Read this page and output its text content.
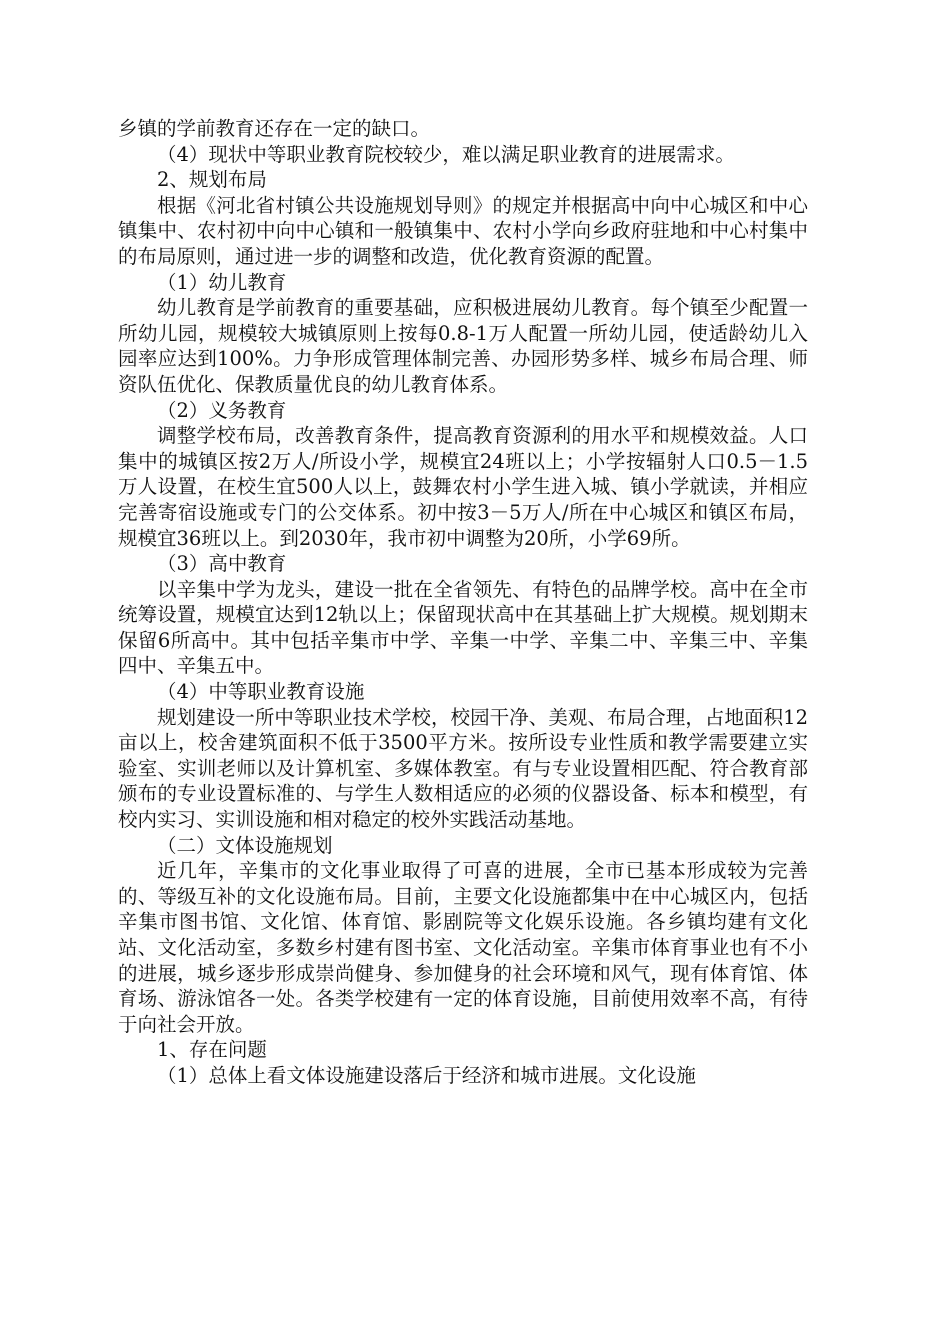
乡镇的学前教育还存在一定的缺口。

（4）现状中等职业教育院校较少，难以满足职业教育的进展需求。

2、规划布局

根据《河北省村镇公共设施规划导则》的规定并根据高中向中心城区和中心镇集中、农村初中向中心镇和一般镇集中、农村小学向乡政府驻地和中心村集中的布局原则，通过进一步的调整和改造，优化教育资源的配置。

（1）幼儿教育

幼儿教育是学前教育的重要基础，应积极进展幼儿教育。每个镇至少配置一所幼儿园，规模较大城镇原则上按每0.8-1万人配置一所幼儿园，使适龄幼儿入园率应达到100%。力争形成管理体制完善、办园形势多样、城乡布局合理、师资队伍优化、保教质量优良的幼儿教育体系。

（2）义务教育

调整学校布局，改善教育条件，提高教育资源利的用水平和规模效益。人口集中的城镇区按2万人/所设小学，规模宜24班以上；小学按辐射人口0.5－1.5万人设置，在校生宜500人以上，鼓舞农村小学生进入城、镇小学就读，并相应完善寄宿设施或专门的公交体系。初中按3－5万人/所在中心城区和镇区布局，规模宜36班以上。到2030年，我市初中调整为20所，小学69所。

（3）高中教育

以辛集中学为龙头，建设一批在全省领先、有特色的品牌学校。高中在全市统筹设置，规模宜达到12轨以上；保留现状高中在其基础上扩大规模。规划期末保留6所高中。其中包括辛集市中学、辛集一中学、辛集二中、辛集三中、辛集四中、辛集五中。

（4）中等职业教育设施

规划建设一所中等职业技术学校，校园干净、美观、布局合理，占地面积12亩以上，校舍建筑面积不低于3500平方米。按所设专业性质和教学需要建立实验室、实训老师以及计算机室、多媒体教室。有与专业设置相匹配、符合教育部颁布的专业设置标准的、与学生人数相适应的必须的仪器设备、标本和模型，有校内实习、实训设施和相对稳定的校外实践活动基地。

（二）文体设施规划

近几年，辛集市的文化事业取得了可喜的进展，全市已基本形成较为完善的、等级互补的文化设施布局。目前，主要文化设施都集中在中心城区内，包括辛集市图书馆、文化馆、体育馆、影剧院等文化娱乐设施。各乡镇均建有文化站、文化活动室，多数乡村建有图书室、文化活动室。辛集市体育事业也有不小的进展，城乡逐步形成崇尚健身、参加健身的社会环境和风气，现有体育馆、体育场、游泳馆各一处。各类学校建有一定的体育设施，目前使用效率不高，有待于向社会开放。

1、存在问题

（1）总体上看文体设施建设落后于经济和城市进展。文化设施
